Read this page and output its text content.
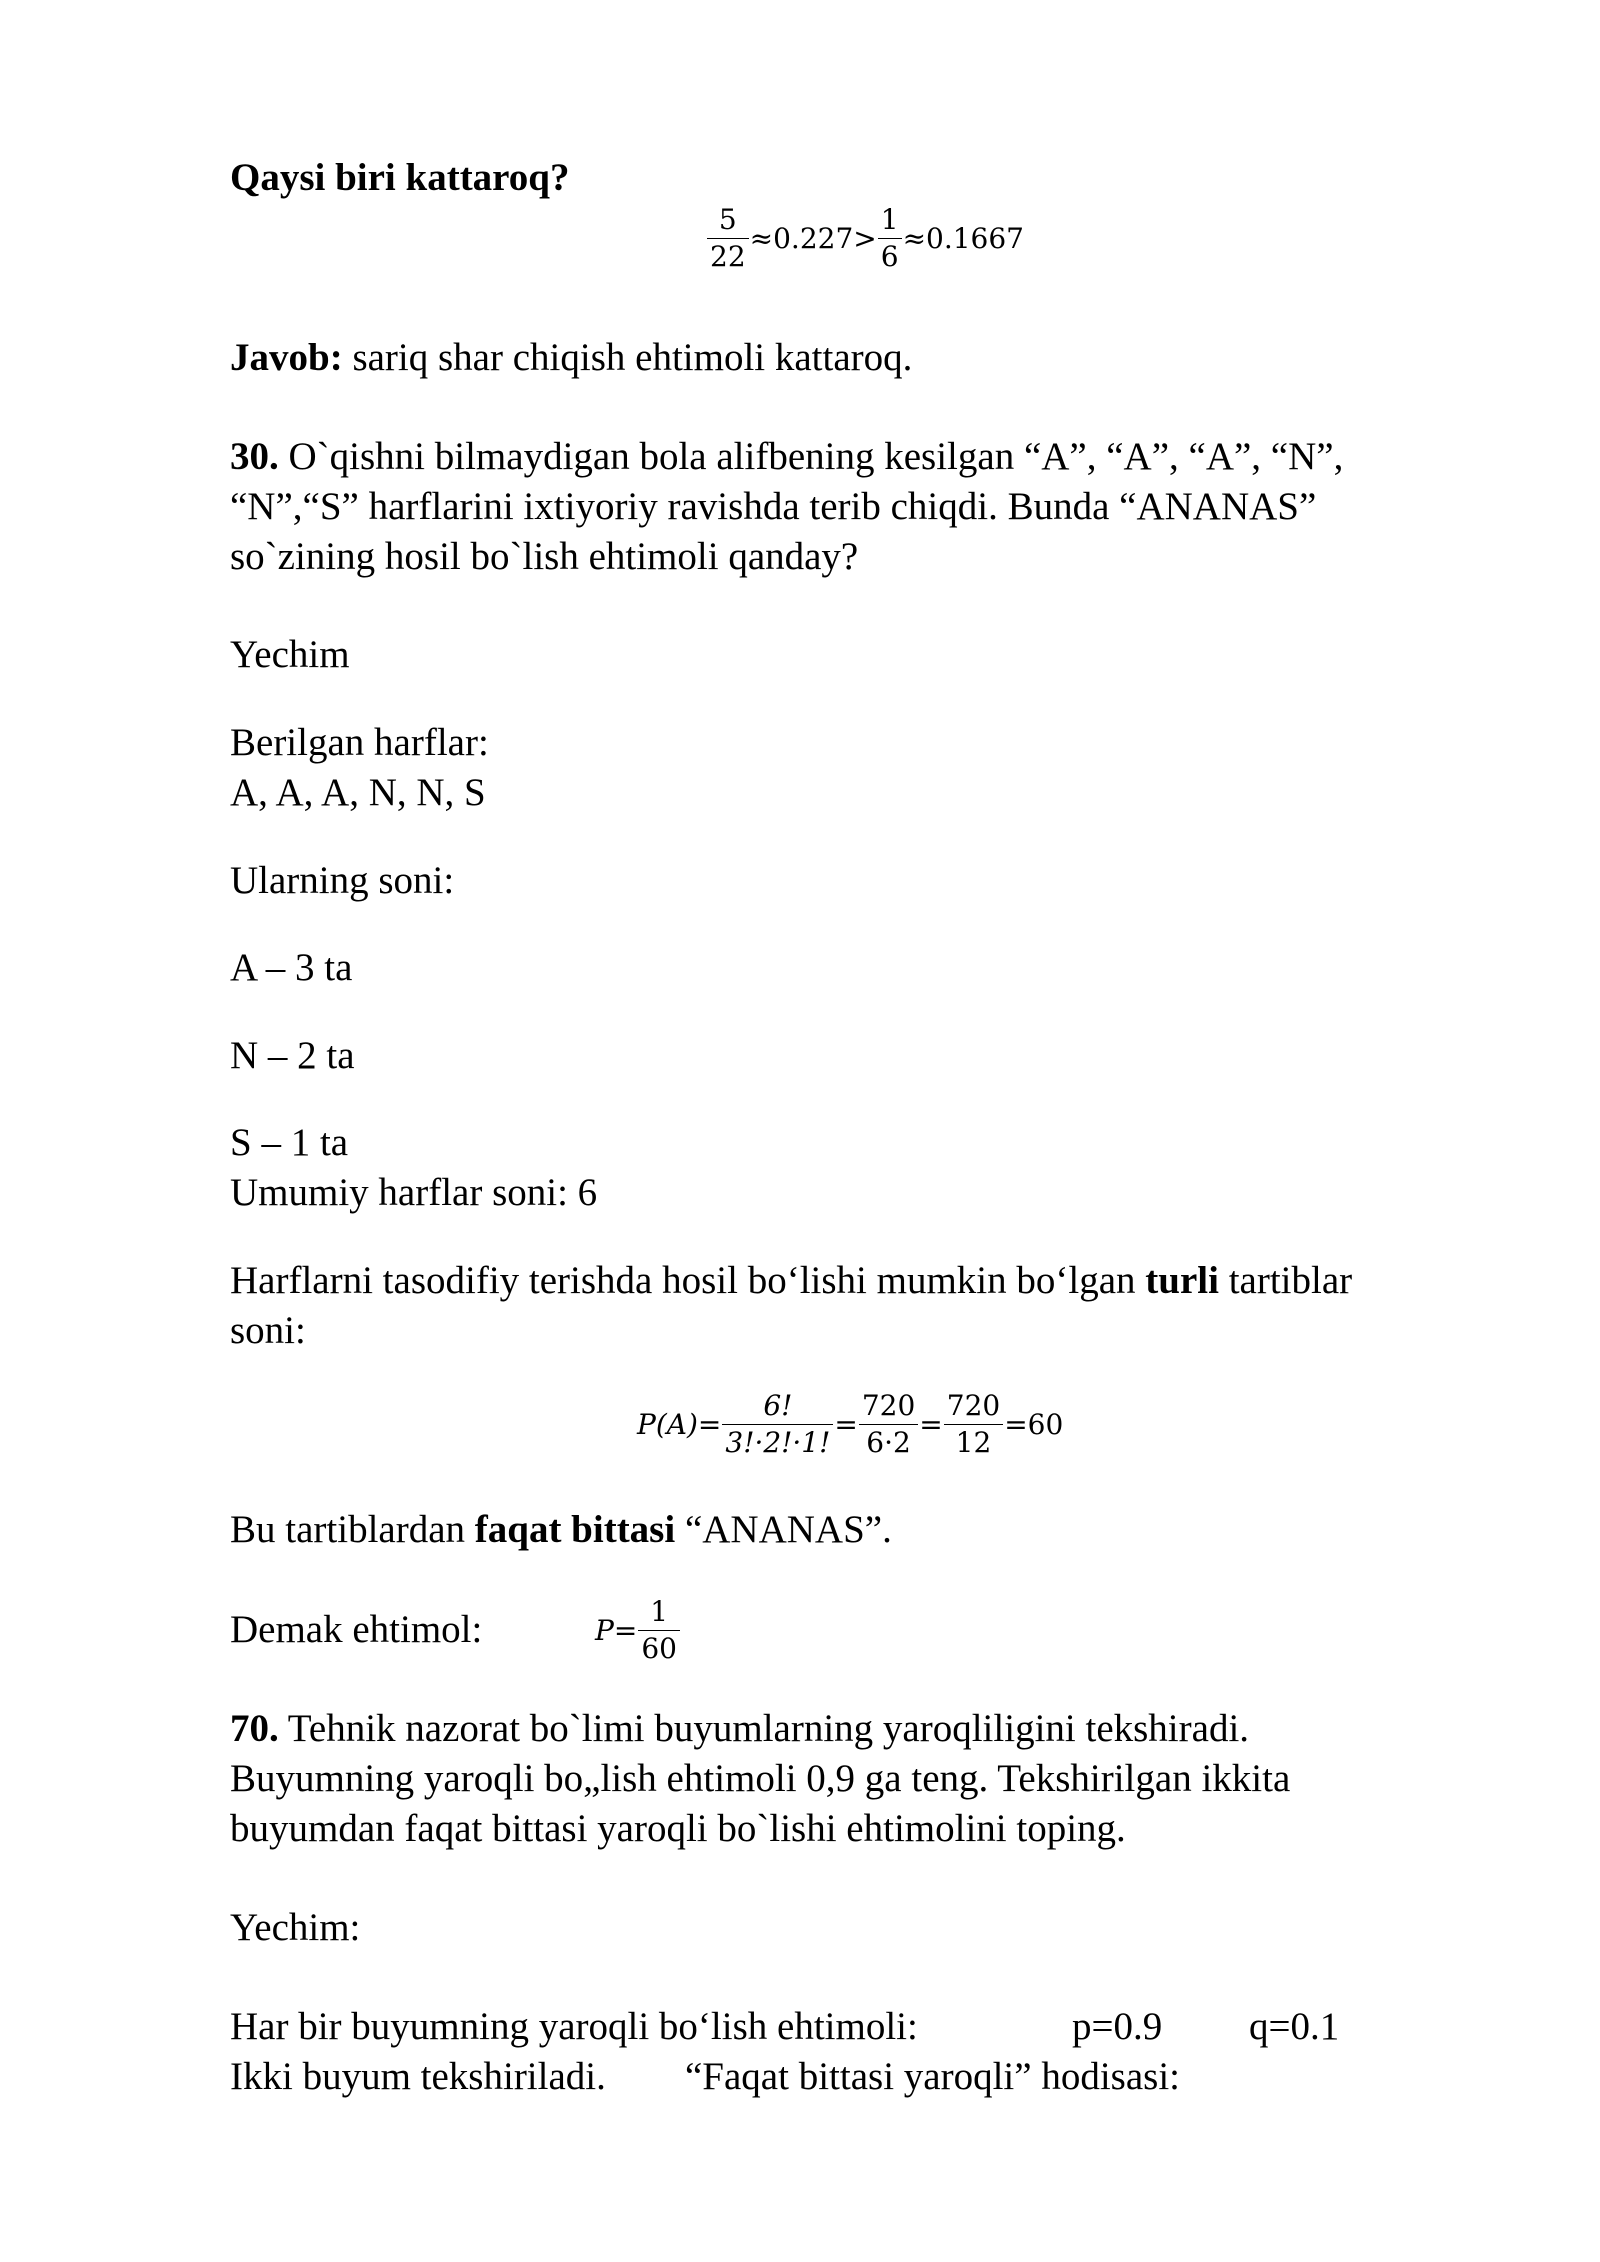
Qaysi biri kattaroq?
$\frac{5}{22} \approx 0.227> \frac{1}{6} \approx 0.1667$
Javob: sariq shar chiqish ehtimoli kattaroq.
30. O`qishni bilmaydigan bola alifbening kesilgan “A”, “A”, “A”, “N”,
“N”,“S” harflarini ixtiyoriy ravishda terib chiqdi. Bunda “ANANAS”
so`zining hosil bo`lish ehtimoli qanday?
Yechim
Berilgan harflar:
A, A, A, N, N, S
Ularning soni:
A – 3 ta
N – 2 ta
S – 1 ta
Umumiy harflar soni: 6
Harflarni tasodifiy terishda hosil bo‘lishi mumkin bo‘lgan turli tartiblar
soni:
$P(A)= \frac{6!}{3!\cdot 2!\cdot 1!} = \frac{720}{6\cdot 2} = \frac{720}{12} =60$
Bu tartiblardan faqat bittasi “ANANAS”.
Demak ehtimol:	$P= \frac{1}{60}$
70. Tehnik nazorat bo`limi buyumlarning yaroqliligini tekshiradi.
Buyumning yaroqli bo„lish ehtimoli 0,9 ga teng. Tekshirilgan ikkita
buyumdan faqat bittasi yaroqli bo`lishi ehtimolini toping.
Yechim:
Har bir buyumning yaroqli bo‘lish ehtimoli:	p=0.9 q=0.1
Ikki buyum tekshiriladi. “Faqat bittasi yaroqli” hodisasi:
